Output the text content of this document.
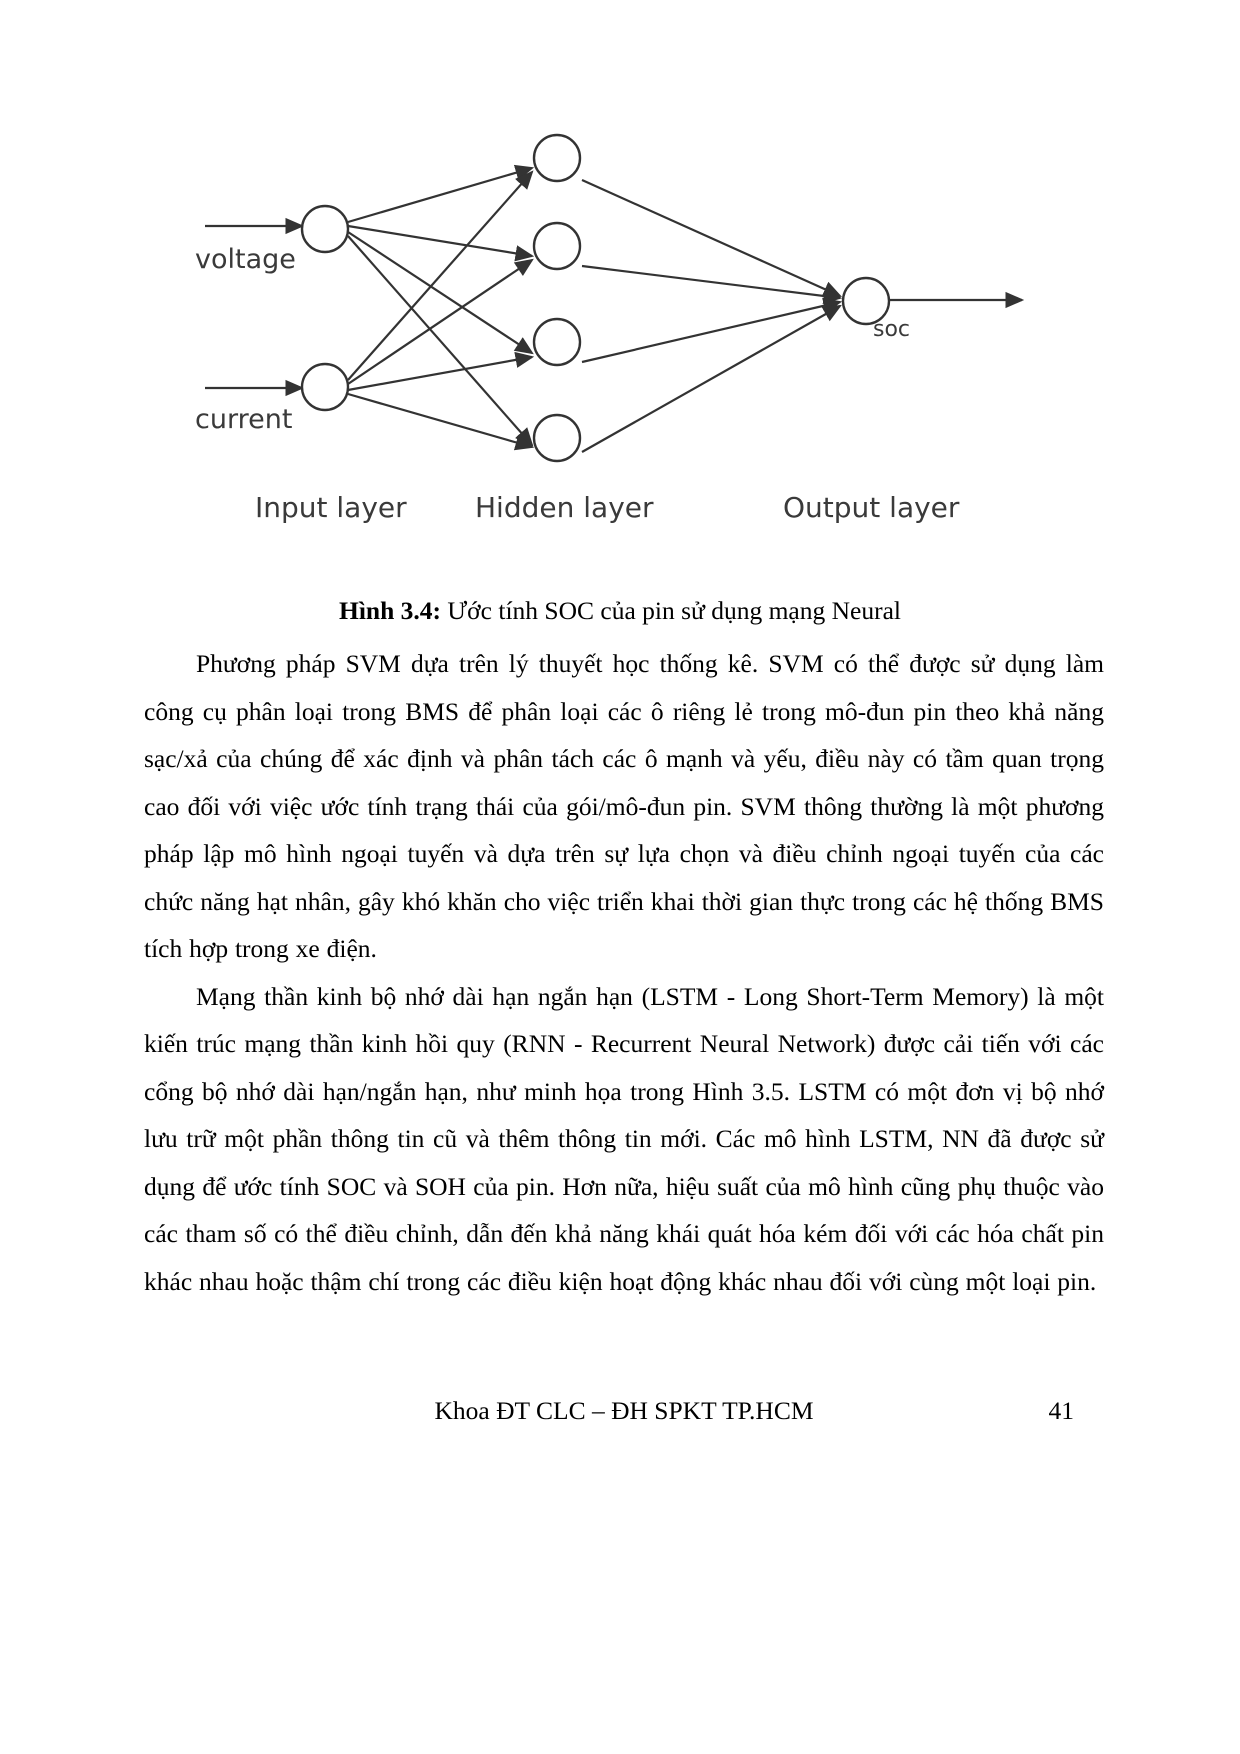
voltage
current
soc
Input layer Hidden layer	Output layer
Hình 3.4: Ước tính SOC của pin sử dụng mạng Neural

Phương pháp SVM dựa trên lý thuyết học thống kê. SVM có thể được sử dụng làm công cụ phân loại trong BMS để phân loại các ô riêng lẻ trong mô-đun pin theo khả năng sạc/xả của chúng để xác định và phân tách các ô mạnh và yếu, điều này có tầm quan trọng cao đối với việc ước tính trạng thái của gói/mô-đun pin. SVM thông thường là một phương pháp lập mô hình ngoại tuyến và dựa trên sự lựa chọn và điều chỉnh ngoại tuyến của các chức năng hạt nhân, gây khó khăn cho việc triển khai thời gian thực trong các hệ thống BMS tích hợp trong xe điện.

Mạng thần kinh bộ nhớ dài hạn ngắn hạn (LSTM - Long Short-Term Memory) là một kiến trúc mạng thần kinh hồi quy (RNN - Recurrent Neural Network) được cải tiến với các cổng bộ nhớ dài hạn/ngắn hạn, như minh họa trong Hình 3.5. LSTM có một đơn vị bộ nhớ lưu trữ một phần thông tin cũ và thêm thông tin mới. Các mô hình LSTM, NN đã được sử dụng để ước tính SOC và SOH của pin. Hơn nữa, hiệu suất của mô hình cũng phụ thuộc vào các tham số có thể điều chỉnh, dẫn đến khả năng khái quát hóa kém đối với các hóa chất pin khác nhau hoặc thậm chí trong các điều kiện hoạt động khác nhau đối với cùng một loại pin.

Khoa ĐT CLC – ĐH SPKT TP.HCM	41
